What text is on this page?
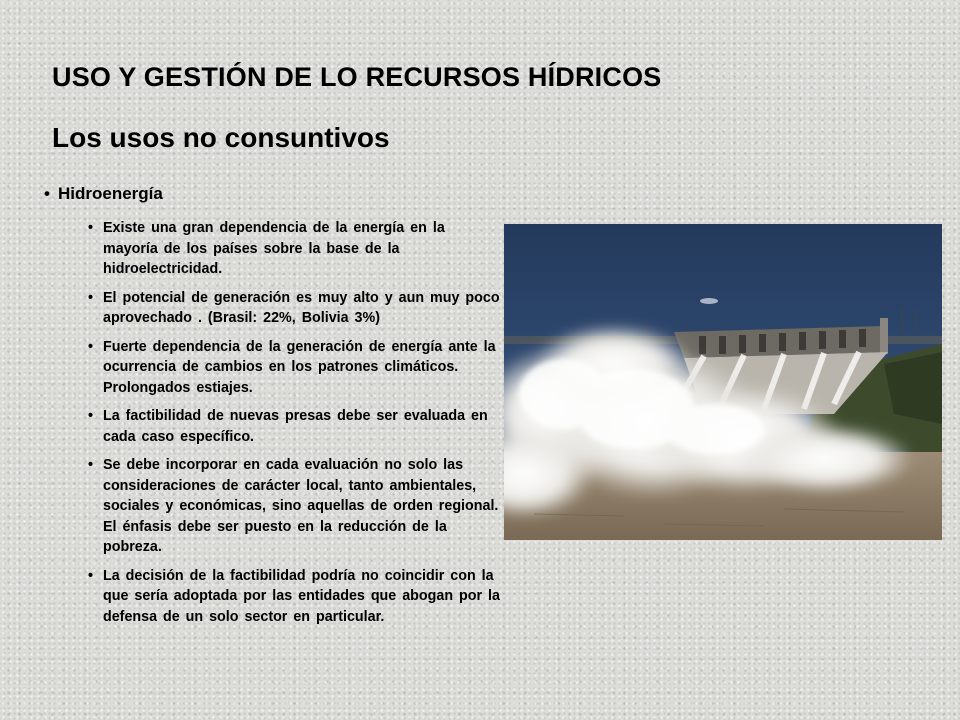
USO Y GESTIÓN DE LO RECURSOS HÍDRICOS
Los usos no consuntivos
• Hidroenergía
• Existe una gran dependencia de la energía en la mayoría de los países sobre la base de la hidroelectricidad.
• El potencial de generación es muy alto y aun muy poco aprovechado . (Brasil: 22%, Bolivia 3%)
• Fuerte dependencia de la generación de energía ante la ocurrencia de cambios en los patrones climáticos. Prolongados estiajes.
• La factibilidad de nuevas presas debe ser evaluada en cada caso específico.
• Se debe incorporar en cada evaluación no solo las consideraciones de carácter local, tanto ambientales, sociales y económicas, sino aquellas de orden regional. El énfasis debe ser puesto en la reducción de la pobreza.
• La decisión de la factibilidad podría no coincidir con la que sería adoptada por las entidades que abogan por la defensa de un solo sector en particular.
